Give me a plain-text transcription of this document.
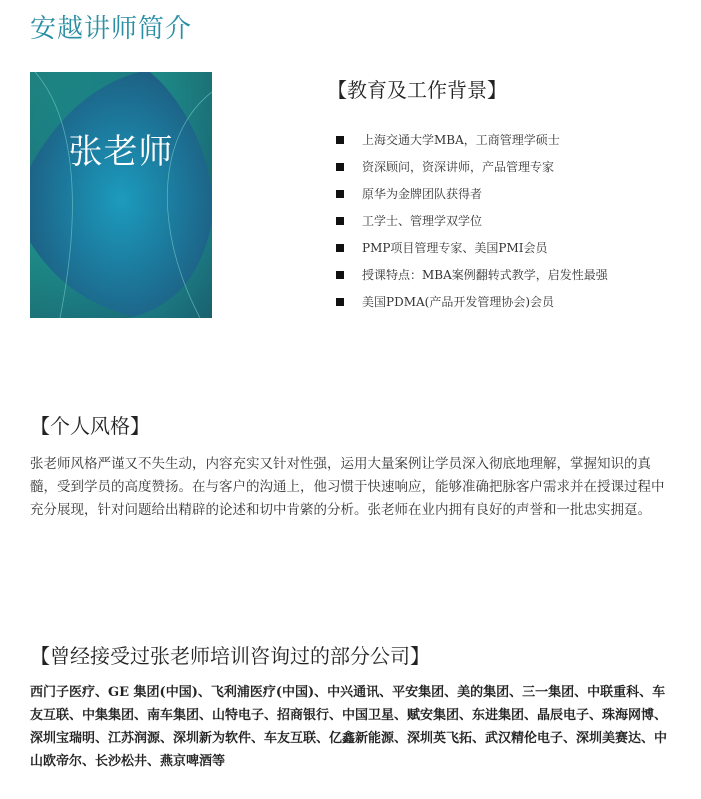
安越讲师简介
张老师
【教育及工作背景】
上海交通大学MBA，工商管理学硕士
资深顾问，资深讲师，产品管理专家
原华为金牌团队获得者
工学士、管理学双学位
PMP项目管理专家、美国PMI会员
授课特点：MBA案例翻转式教学，启发性最强
美国PDMA(产品开发管理协会)会员
【个人风格】

张老师风格严谨又不失生动，内容充实又针对性强，运用大量案例让学员深入彻底地理解，掌握知识的真髓，受到学员的高度赞扬。在与客户的沟通上，他习惯于快速响应，能够准确把脉客户需求并在授课过程中充分展现，针对问题给出精辟的论述和切中肯綮的分析。张老师在业内拥有良好的声誉和一批忠实拥趸。

【曾经接受过张老师培训咨询过的部分公司】

西门子医疗、GE 集团(中国)、飞利浦医疗(中国)、中兴通讯、平安集团、美的集团、三一集团、中联重科、车友互联、中集集团、南车集团、山特电子、招商银行、中国卫星、赋安集团、东进集团、晶辰电子、珠海网博、深圳宝瑞明、江苏润源、深圳新为软件、车友互联、亿鑫新能源、深圳英飞拓、武汉精伦电子、深圳美赛达、中山欧帝尔、长沙松井、燕京啤酒等
